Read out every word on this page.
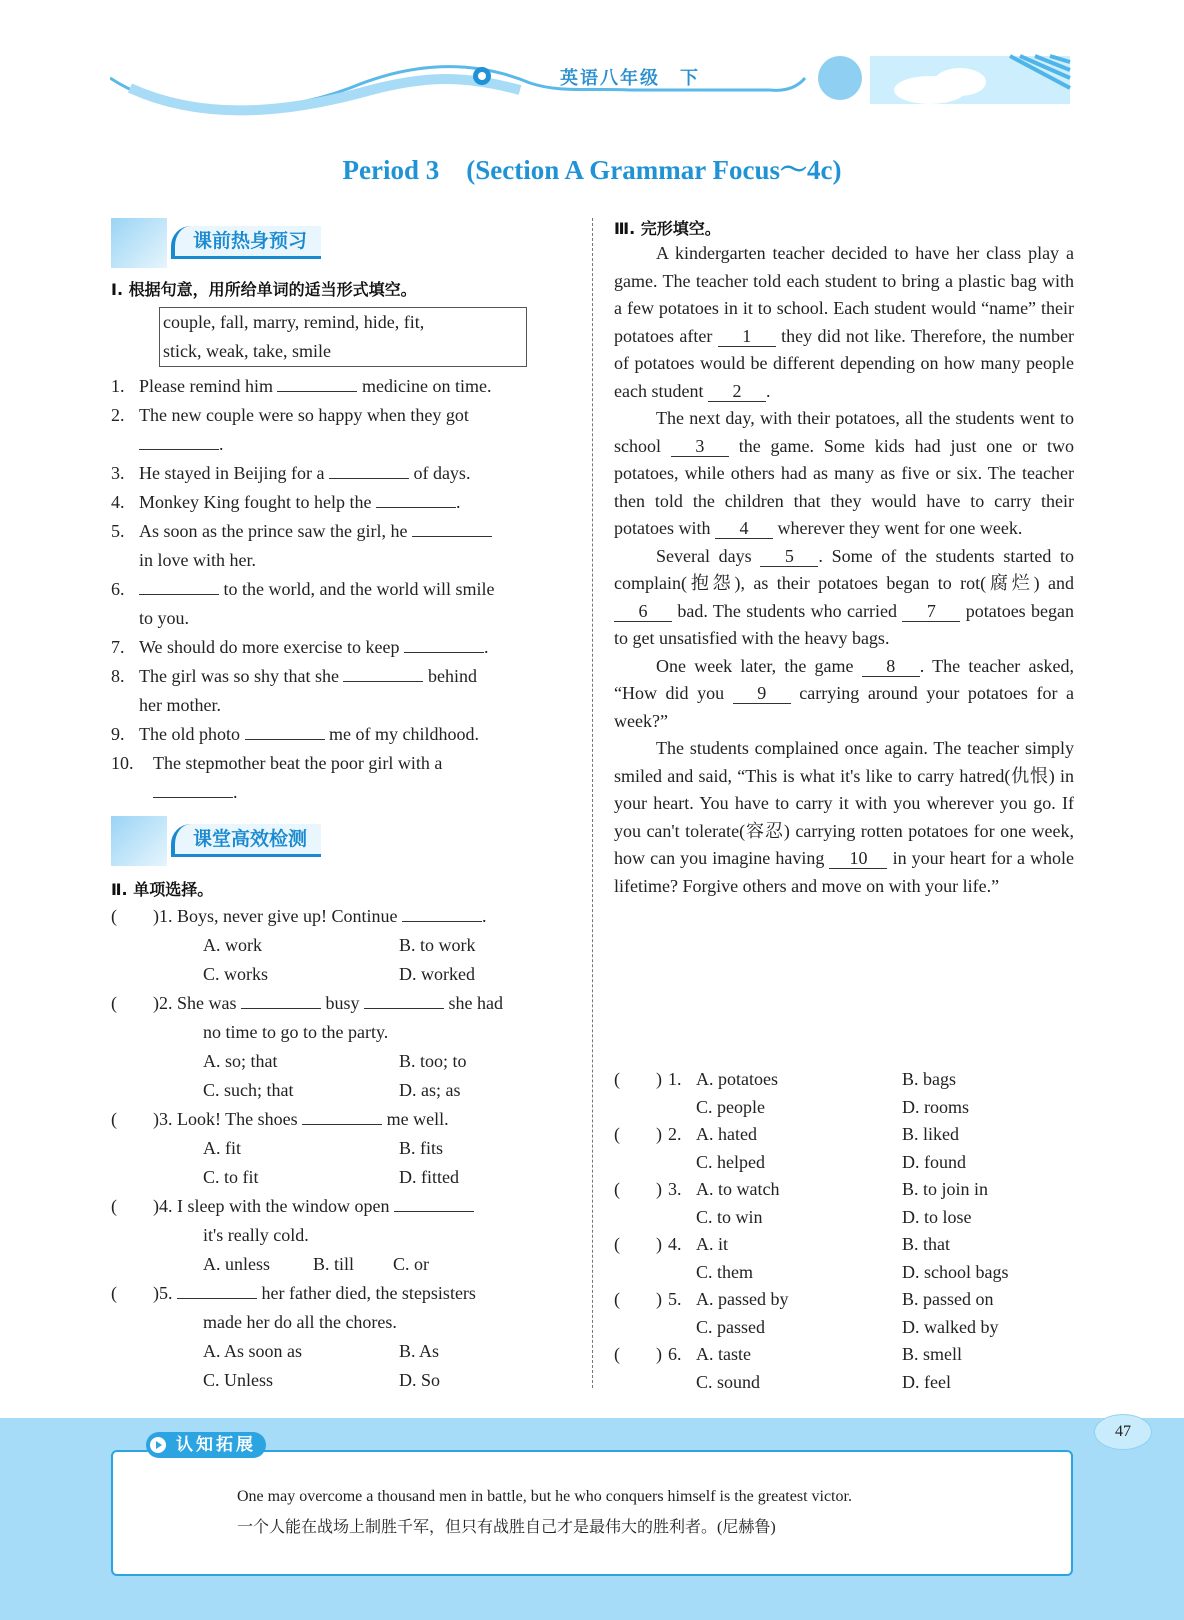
英语八年级　下
Period 3　(Section A Grammar Focus～4c)
课前热身预习
Ⅰ. 根据句意，用所给单词的适当形式填空。
couple, fall, marry, remind, hide, fit,
stick, weak, take, smile
1. Please remind him	medicine on time.
2. The new couple were so happy when they got
.
3. He stayed in Beijing for a	of days.
4. Monkey King fought to help the	.
5. As soon as the prince saw the girl, he
in love with her.
6.	to the world, and the world will smile
to you.
7. We should do more exercise to keep	.
8. The girl was so shy that she	behind
her mother.
9. The old photo	me of my childhood.
10. The stepmother beat the poor girl with a
.
课堂高效检测
Ⅱ. 单项选择。
(　　)1. Boys, never give up! Continue	.
A. work	B. to work
C. works	D. worked
(　　)2. She was	busy	she had
no time to go to the party.
A. so; that	B. too; to
C. such; that	D. as; as
(　　)3. Look! The shoes	me well.
A. fit	B. fits
C. to fit	D. fitted
(　　)4. I sleep with the window open
it's really cold.
A. unless B. till C. or
(　　)5.	her father died, the stepsisters
made her do all the chores.
A. As soon as	B. As
C. Unless	D. So
Ⅲ. 完形填空。

A kindergarten teacher decided to have her class play a game. The teacher told each student to bring a plastic bag with a few potatoes in it to school. Each student would “name” their potatoes after 1 they did not like. Therefore, the number of potatoes would be different depending on how many people each student 2 .

The next day, with their potatoes, all the students went to school 3 the game. Some kids had just one or two potatoes, while others had as many as five or six. The teacher then told the children that they would have to carry their potatoes with 4 wherever they went for one week.

Several days 5 . Some of the students started to complain(抱怨), as their potatoes began to rot(腐烂) and 6 bad. The students who carried 7 potatoes began to get unsatisfied with the heavy bags.

One week later, the game 8 . The teacher asked, “How did you 9 carrying around your potatoes for a week?”

The students complained once again. The teacher simply smiled and said, “This is what it's like to carry hatred(仇恨) in your heart. You have to carry it with you wherever you go. If you can't tolerate(容忍) carrying rotten potatoes for one week, how can you imagine having 10 in your heart for a whole lifetime? Forgive others and move on with your life.”

(　　) 1. A. potatoes	B. bags
C. people	D. rooms
(　　) 2. A. hated	B. liked
C. helped	D. found
(　　) 3. A. to watch	B. to join in
C. to win	D. to lose
(　　) 4. A. it	B. that
C. them	D. school bags
(　　) 5. A. passed by	B. passed on
C. passed	D. walked by
(　　) 6. A. taste	B. smell
C. sound	D. feel
47
One may overcome a thousand men in battle, but he who conquers himself is the greatest victor.
一个人能在战场上制胜千军，但只有战胜自己才是最伟大的胜利者。(尼赫鲁)
认知拓展
